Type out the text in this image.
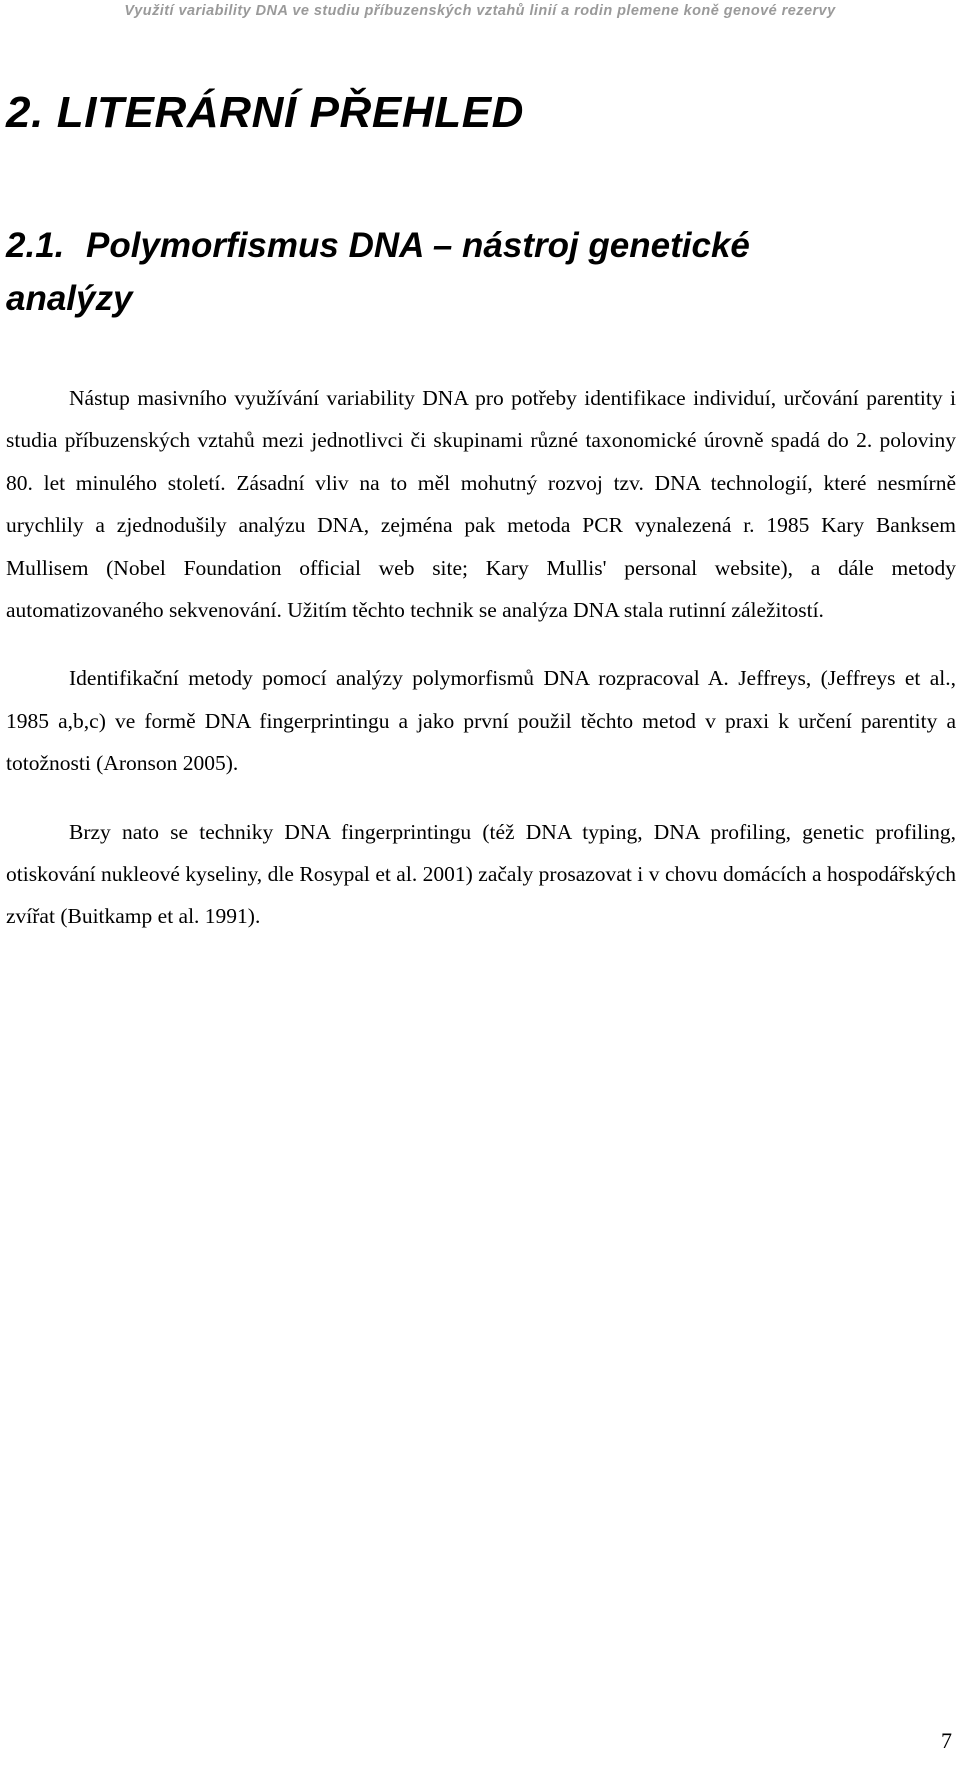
Využití variability DNA ve studiu příbuzenských vztahů linií a rodin plemene koně genové rezervy
2. LITERÁRNÍ PŘEHLED
2.1. Polymorfismus DNA – nástroj genetické analýzy

Nástup masivního využívání variability DNA pro potřeby identifikace individuí, určování parentity i studia příbuzenských vztahů mezi jednotlivci či skupinami různé taxonomické úrovně spadá do 2. poloviny 80. let minulého století. Zásadní vliv na to měl mohutný rozvoj tzv. DNA technologií, které nesmírně urychlily a zjednodušily analýzu DNA, zejména pak metoda PCR vynalezená r. 1985 Kary Banksem Mullisem (Nobel Foundation official web site; Kary Mullis' personal website), a dále metody automatizovaného sekvenování. Užitím těchto technik se analýza DNA stala rutinní záležitostí.

Identifikační metody pomocí analýzy polymorfismů DNA rozpracoval A. Jeffreys, (Jeffreys et al., 1985 a,b,c) ve formě DNA fingerprintingu a jako první použil těchto metod v praxi k určení parentity a totožnosti (Aronson 2005).

Brzy nato se techniky DNA fingerprintingu (též DNA typing, DNA profiling, genetic profiling, otiskování nukleové kyseliny, dle Rosypal et al. 2001) začaly prosazovat i v chovu domácích a hospodářských zvířat (Buitkamp et al. 1991).

7
